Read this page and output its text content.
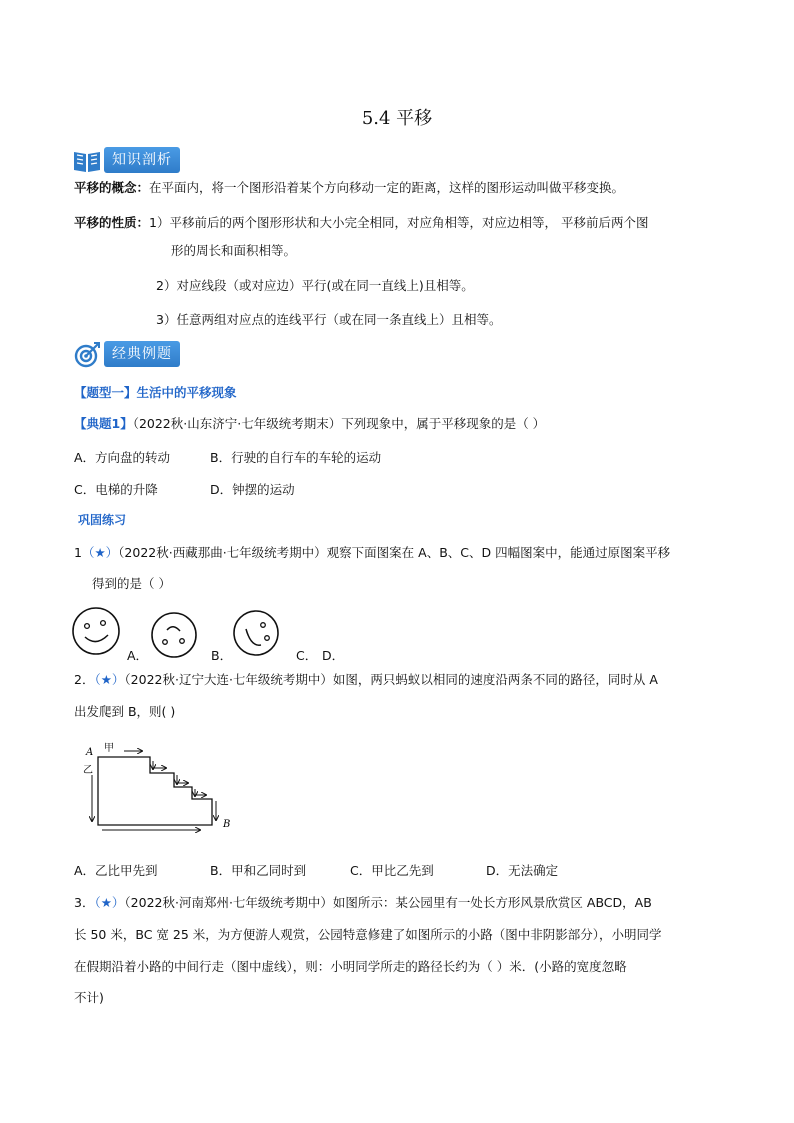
5.4 平移
知识剖析
平移的概念：在平面内，将一个图形沿着某个方向移动一定的距离，这样的图形运动叫做平移变换。
平移的性质：1）平移前后的两个图形形状和大小完全相同，对应角相等，对应边相等， 平移前后两个图
形的周长和面积相等。
2）对应线段（或对应边）平行(或在同一直线上)且相等。
3）任意两组对应点的连线平行（或在同一条直线上）且相等。
经典例题
【题型一】生活中的平移现象
【典题1】（2022秋·山东济宁·七年级统考期末）下列现象中，属于平移现象的是（ ）
A．方向盘的转动	B．行驶的自行车的车轮的运动
C．电梯的升降	D．钟摆的运动
巩固练习
1（★）（2022秋·西藏那曲·七年级统考期中）观察下面图案在 A、B、C、D 四幅图案中，能通过原图案平移
得到的是（ ）
A．	B．	C． D．
2．（★）（2022秋·辽宁大连·七年级统考期中）如图，两只蚂蚁以相同的速度沿两条不同的路径，同时从 A
出发爬到 B，则( )
A
B
甲
乙
A．乙比甲先到	B．甲和乙同时到	C．甲比乙先到	D．无法确定
3．（★）（2022秋·河南郑州·七年级统考期中）如图所示：某公园里有一处长方形风景欣赏区 ABCD，AB
长 50 米，BC 宽 25 米，为方便游人观赏，公园特意修建了如图所示的小路（图中非阴影部分），小明同学
在假期沿着小路的中间行走（图中虚线），则：小明同学所走的路径长约为（ ）米．(小路的宽度忽略
不计)
